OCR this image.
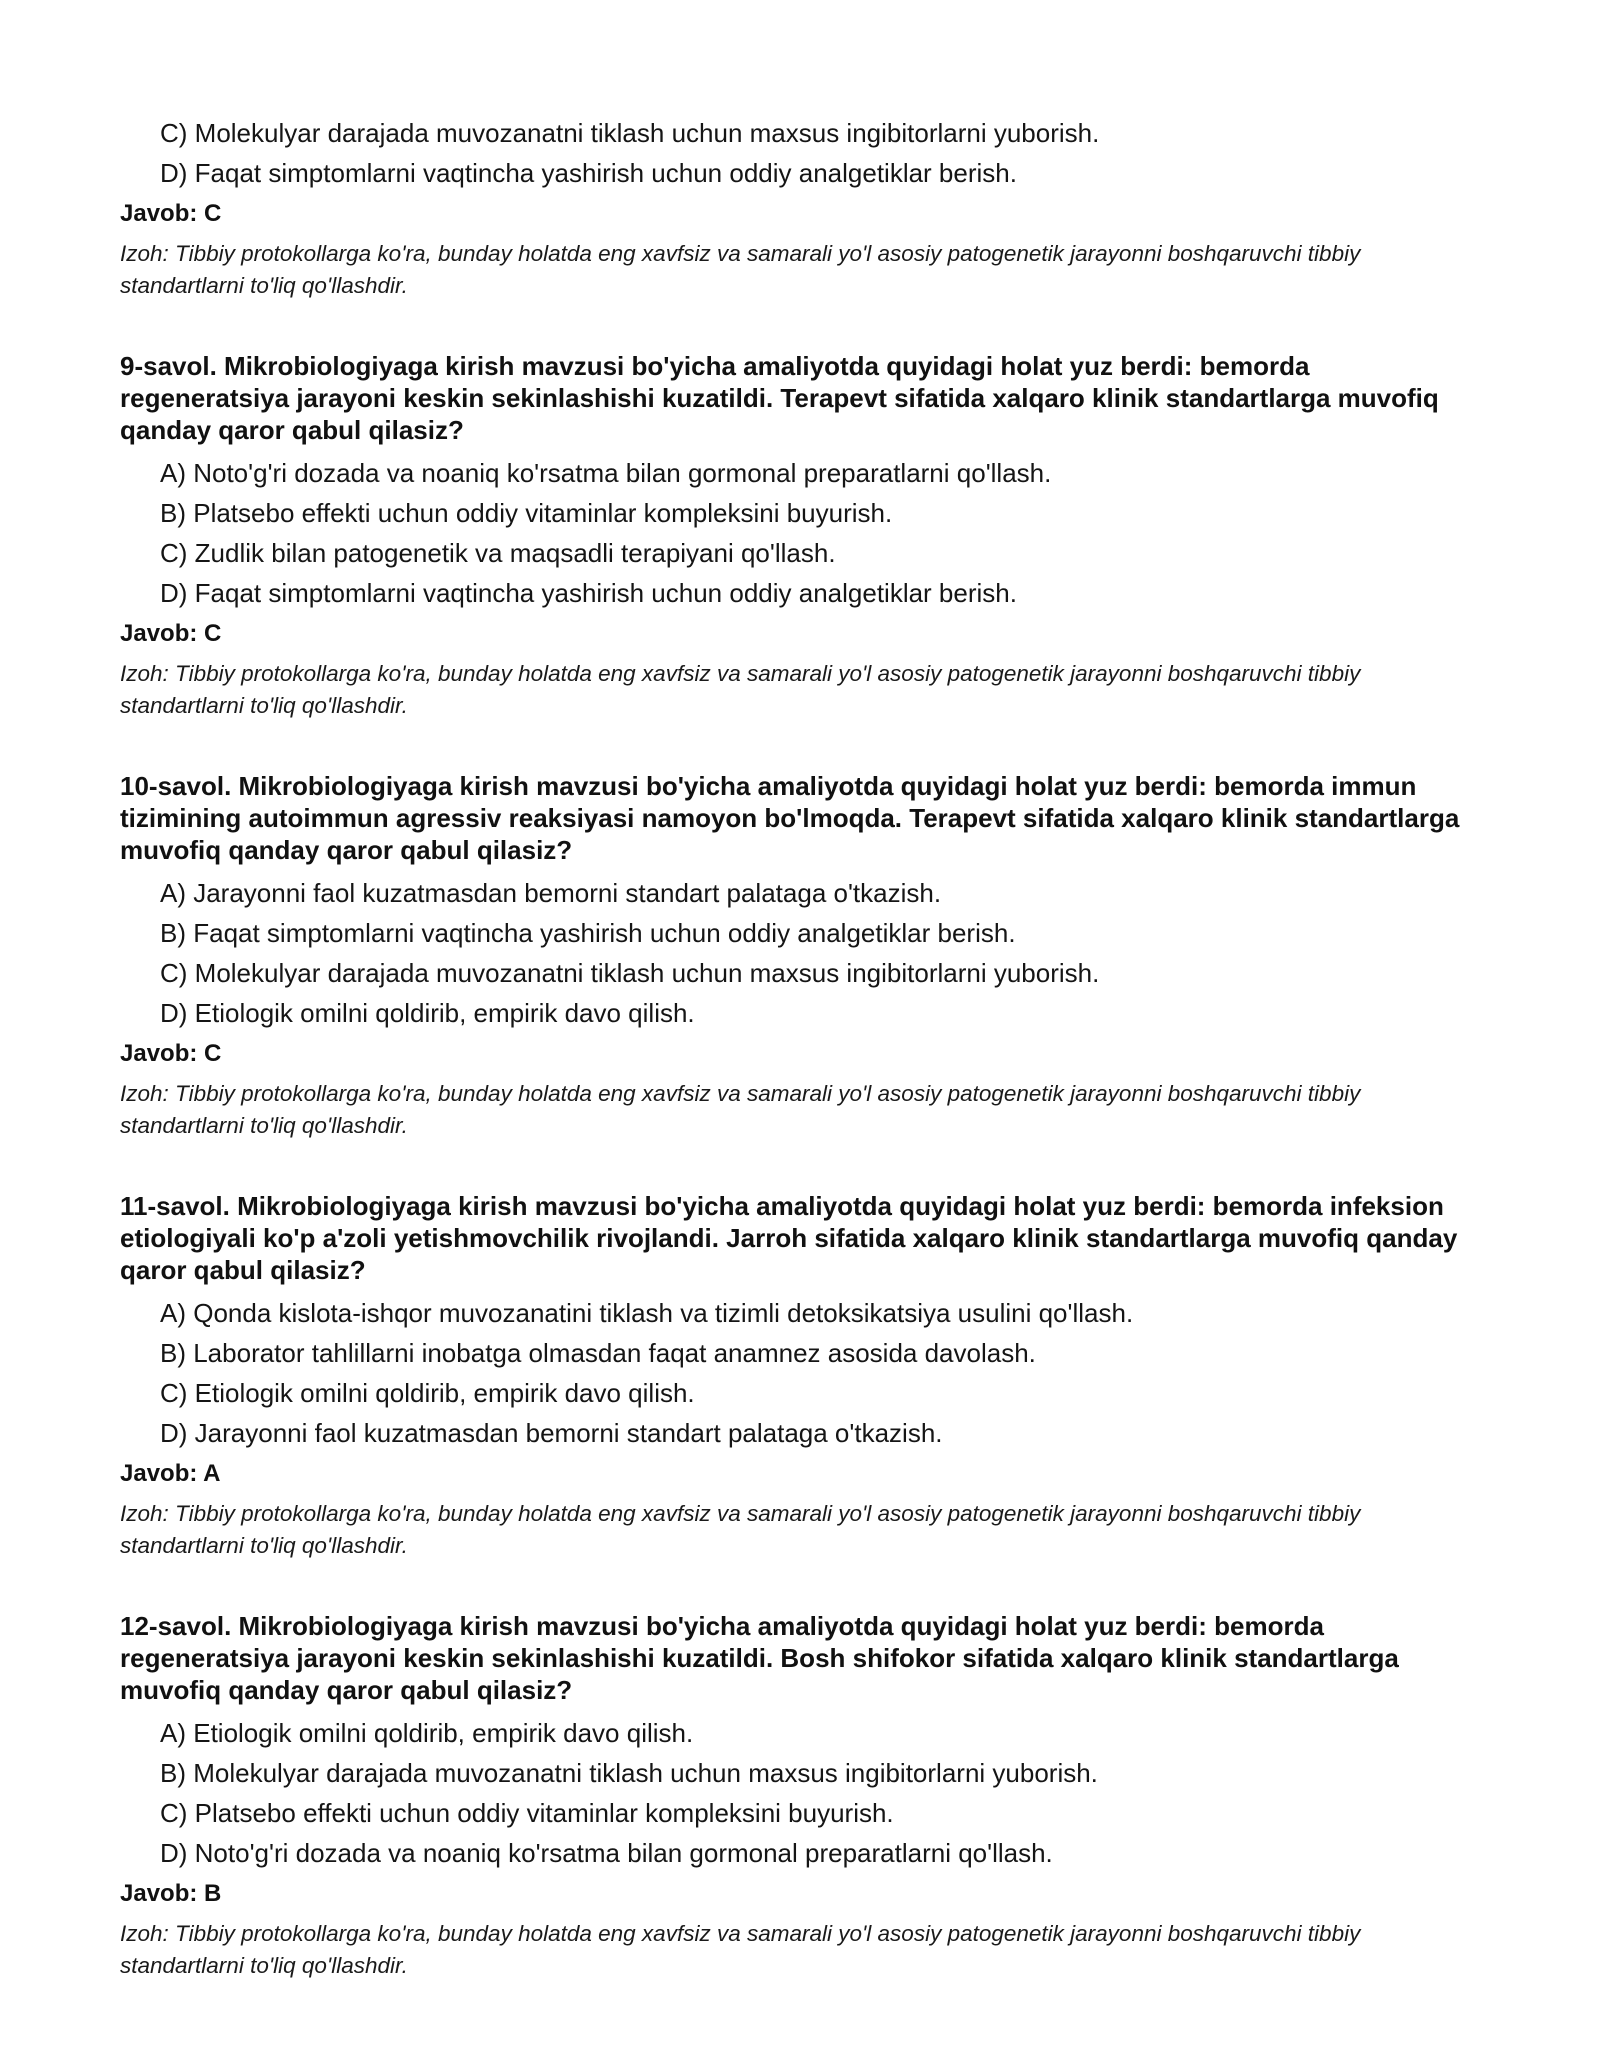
C) Molekulyar darajada muvozanatni tiklash uchun maxsus ingibitorlarni yuborish.
D) Faqat simptomlarni vaqtincha yashirish uchun oddiy analgetiklar berish.
Javob: C

Izoh: Tibbiy protokollarga ko'ra, bunday holatda eng xavfsiz va samarali yo'l asosiy patogenetik jarayonni boshqaruvchi tibbiy standartlarni to'liq qo'llashdir.

9-savol. Mikrobiologiyaga kirish mavzusi bo'yicha amaliyotda quyidagi holat yuz berdi: bemorda regeneratsiya jarayoni keskin sekinlashishi kuzatildi. Terapevt sifatida xalqaro klinik standartlarga muvofiq qanday qaror qabul qilasiz?

A) Noto'g'ri dozada va noaniq ko'rsatma bilan gormonal preparatlarni qo'llash.
B) Platsebo effekti uchun oddiy vitaminlar kompleksini buyurish.
C) Zudlik bilan patogenetik va maqsadli terapiyani qo'llash.
D) Faqat simptomlarni vaqtincha yashirish uchun oddiy analgetiklar berish.
Javob: C

Izoh: Tibbiy protokollarga ko'ra, bunday holatda eng xavfsiz va samarali yo'l asosiy patogenetik jarayonni boshqaruvchi tibbiy standartlarni to'liq qo'llashdir.

10-savol. Mikrobiologiyaga kirish mavzusi bo'yicha amaliyotda quyidagi holat yuz berdi: bemorda immun tizimining autoimmun agressiv reaksiyasi namoyon bo'lmoqda. Terapevt sifatida xalqaro klinik standartlarga muvofiq qanday qaror qabul qilasiz?

A) Jarayonni faol kuzatmasdan bemorni standart palataga o'tkazish.
B) Faqat simptomlarni vaqtincha yashirish uchun oddiy analgetiklar berish.
C) Molekulyar darajada muvozanatni tiklash uchun maxsus ingibitorlarni yuborish.
D) Etiologik omilni qoldirib, empirik davo qilish.
Javob: C

Izoh: Tibbiy protokollarga ko'ra, bunday holatda eng xavfsiz va samarali yo'l asosiy patogenetik jarayonni boshqaruvchi tibbiy standartlarni to'liq qo'llashdir.

11-savol. Mikrobiologiyaga kirish mavzusi bo'yicha amaliyotda quyidagi holat yuz berdi: bemorda infeksion etiologiyali ko'p a'zoli yetishmovchilik rivojlandi. Jarroh sifatida xalqaro klinik standartlarga muvofiq qanday qaror qabul qilasiz?

A) Qonda kislota-ishqor muvozanatini tiklash va tizimli detoksikatsiya usulini qo'llash.
B) Laborator tahlillarni inobatga olmasdan faqat anamnez asosida davolash.
C) Etiologik omilni qoldirib, empirik davo qilish.
D) Jarayonni faol kuzatmasdan bemorni standart palataga o'tkazish.
Javob: A

Izoh: Tibbiy protokollarga ko'ra, bunday holatda eng xavfsiz va samarali yo'l asosiy patogenetik jarayonni boshqaruvchi tibbiy standartlarni to'liq qo'llashdir.

12-savol. Mikrobiologiyaga kirish mavzusi bo'yicha amaliyotda quyidagi holat yuz berdi: bemorda regeneratsiya jarayoni keskin sekinlashishi kuzatildi. Bosh shifokor sifatida xalqaro klinik standartlarga muvofiq qanday qaror qabul qilasiz?

A) Etiologik omilni qoldirib, empirik davo qilish.
B) Molekulyar darajada muvozanatni tiklash uchun maxsus ingibitorlarni yuborish.
C) Platsebo effekti uchun oddiy vitaminlar kompleksini buyurish.
D) Noto'g'ri dozada va noaniq ko'rsatma bilan gormonal preparatlarni qo'llash.
Javob: B

Izoh: Tibbiy protokollarga ko'ra, bunday holatda eng xavfsiz va samarali yo'l asosiy patogenetik jarayonni boshqaruvchi tibbiy standartlarni to'liq qo'llashdir.
